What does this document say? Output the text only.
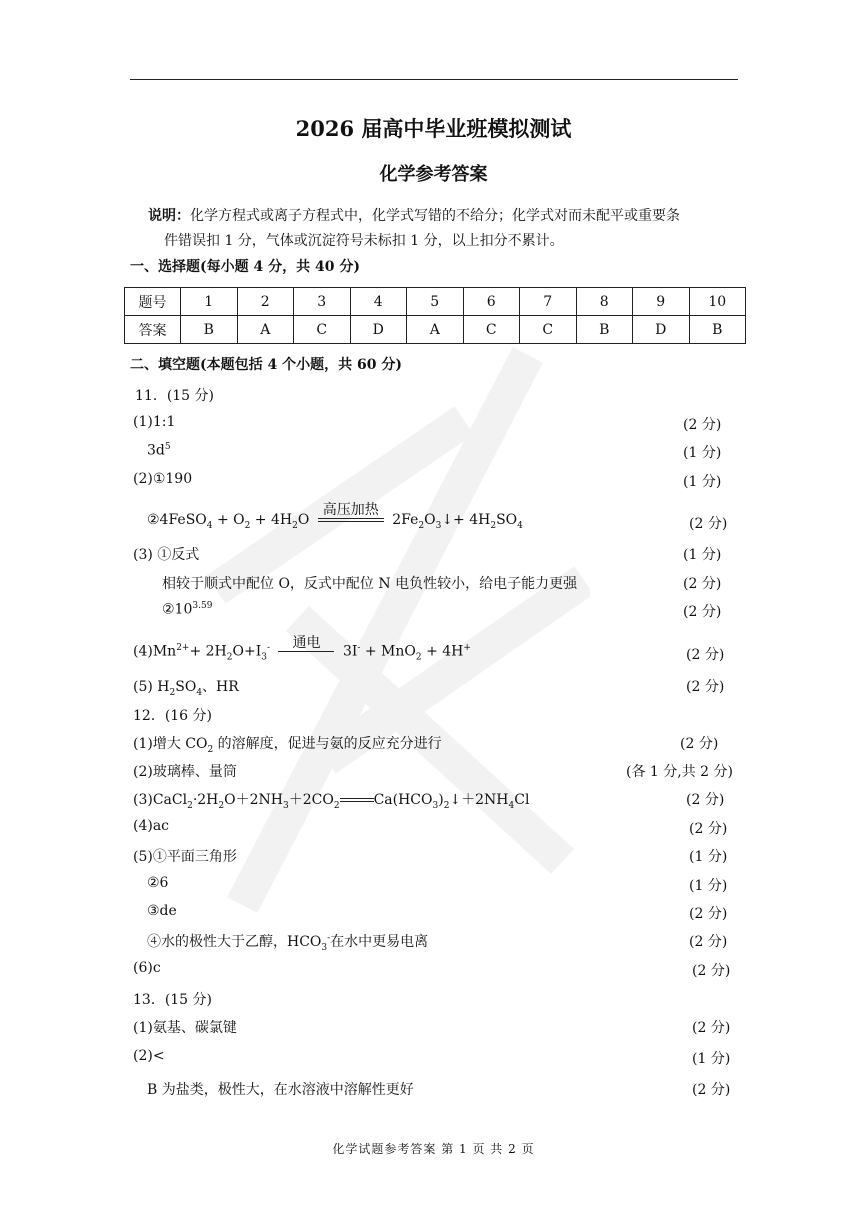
2026 届高中毕业班模拟测试
化学参考答案
说明：化学方程式或离子方程式中，化学式写错的不给分；化学式对而未配平或重要条
件错误扣 1 分，气体或沉淀符号未标扣 1 分，以上扣分不累计。
一、选择题(每小题 4 分，共 40 分)
题号	1	2	3	4	5	6	7	8	9	10
答案	B	A	C	D	A	C	C	B	D	B
二、填空题(本题包括 4 个小题，共 60 分)
11．(15 分)
(1)1:1	(2 分)
$3d^5$	(1 分)
(2)①190	(1 分)
②4FeSO$_4$ + $O_2 + 4H_2O$
高压加热
$2Fe_2O_3↓+ 4H_2SO_4$	(2 分)
(3) ①反式	(1 分)
相较于顺式中配位 O，反式中配位 N 电负性较小，给电子能力更强	(2 分)
$②10^{3.59}$	(2 分)
$(4)Mn^{2+}+ 2H_2O+I_3^-$	通电
3I- + MnO$_2$ + 4H+	(2 分)
(5) $H_2SO_4$、HR	(2 分)
12．(16 分)
(1)增大 $CO_2$ 的溶解度，促进与氨的反应充分进行	(2 分)
(2)玻璃棒、量筒	(各 1 分,共 2 分)
$(3)CaCl_2\cdot 2H_2O+2NH_3+2CO_2$ $Ca(HCO_3)_2↓+2NH_4Cl$	(2 分)
(4)ac	(2 分)
(5)①平面三角形	(1 分)
②6	(1 分)
③de	(2 分)
④水的极性大于乙醇，$HCO_3^-$在水中更易电离	(2 分)
(6)c	(2 分)
13．(15 分)
(1)氨基、碳氯键	(2 分)
(2)<	(1 分)
B 为盐类，极性大，在水溶液中溶解性更好	(2 分)
化学试题参考答案 第 1 页 共 2 页
